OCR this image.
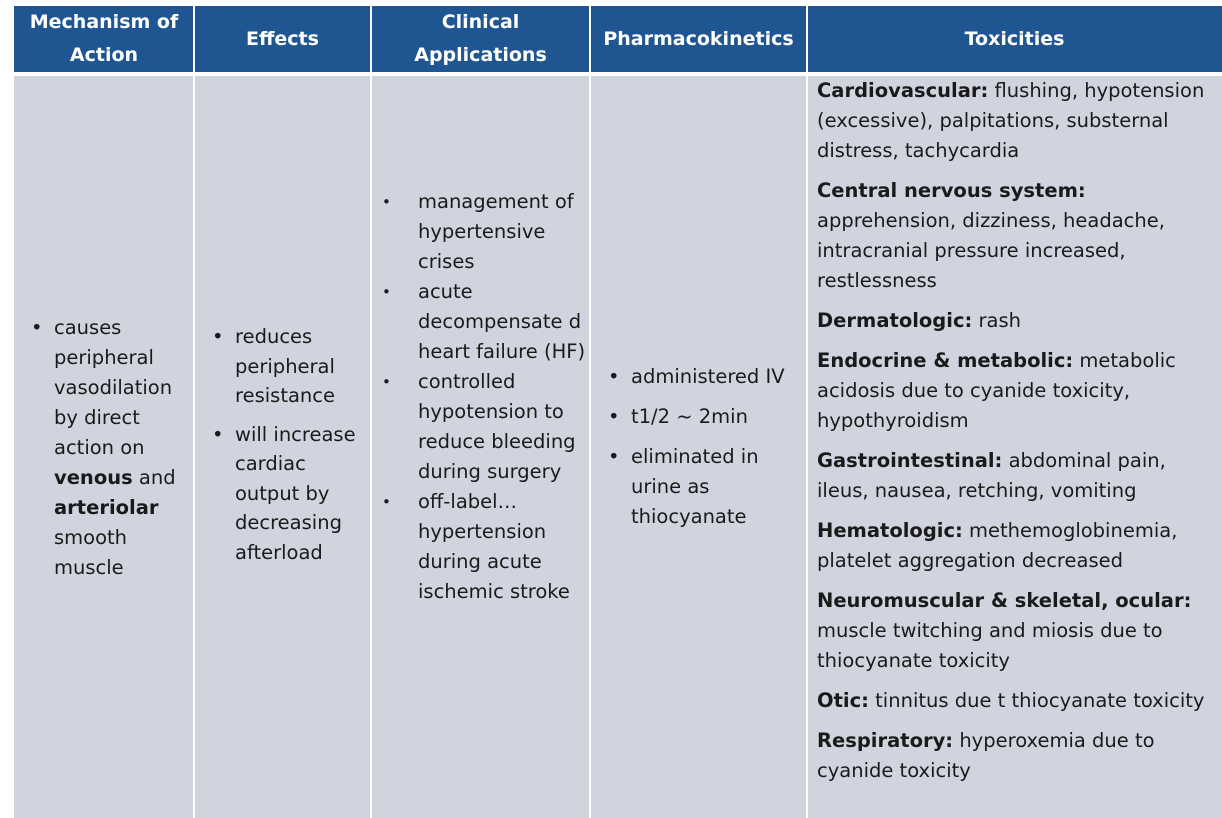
Mechanism of Action
Effects
Clinical Applications
Pharmacokinetics	Toxicities
• causes peripheral vasodilation by direct action on venous and arteriolar smooth muscle
• reduces peripheral resistance
• will increase cardiac output by decreasing afterload
• management of hypertensive crises
• acute decompensate d heart failure (HF)
• controlled hypotension to reduce bleeding during surgery
• off-label… hypertension during acute ischemic stroke
• administered IV
• t1/2 ~ 2min
• eliminated in urine as thiocyanate
Cardiovascular: flushing, hypotension (excessive), palpitations, substernal distress, tachycardia
Central nervous system: apprehension, dizziness, headache, intracranial pressure increased, restlessness
Dermatologic: rash
Endocrine & metabolic: metabolic acidosis due to cyanide toxicity, hypothyroidism
Gastrointestinal: abdominal pain, ileus, nausea, retching, vomiting
Hematologic: methemoglobinemia, platelet aggregation decreased
Neuromuscular & skeletal, ocular: muscle twitching and miosis due to thiocyanate toxicity
Otic: tinnitus due t thiocyanate toxicity
Respiratory: hyperoxemia due to cyanide toxicity
